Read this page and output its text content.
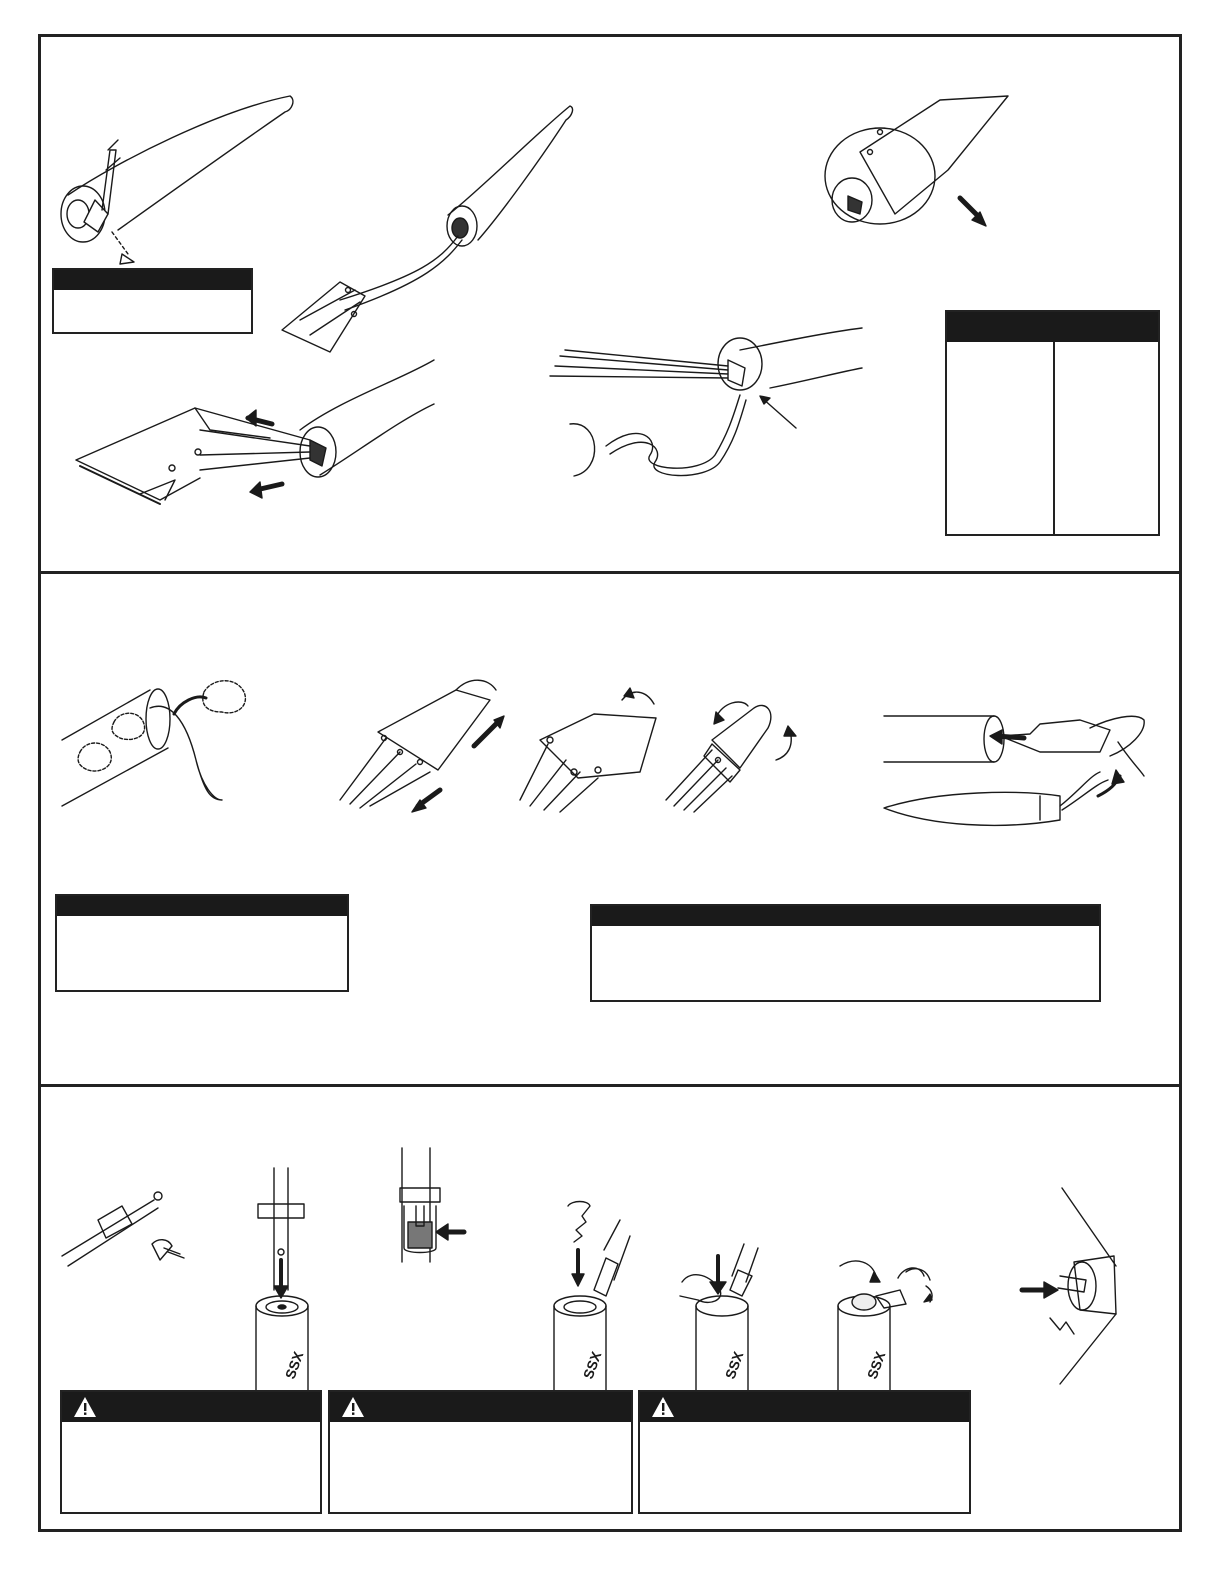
SSX	SSX	SSX	SSX
